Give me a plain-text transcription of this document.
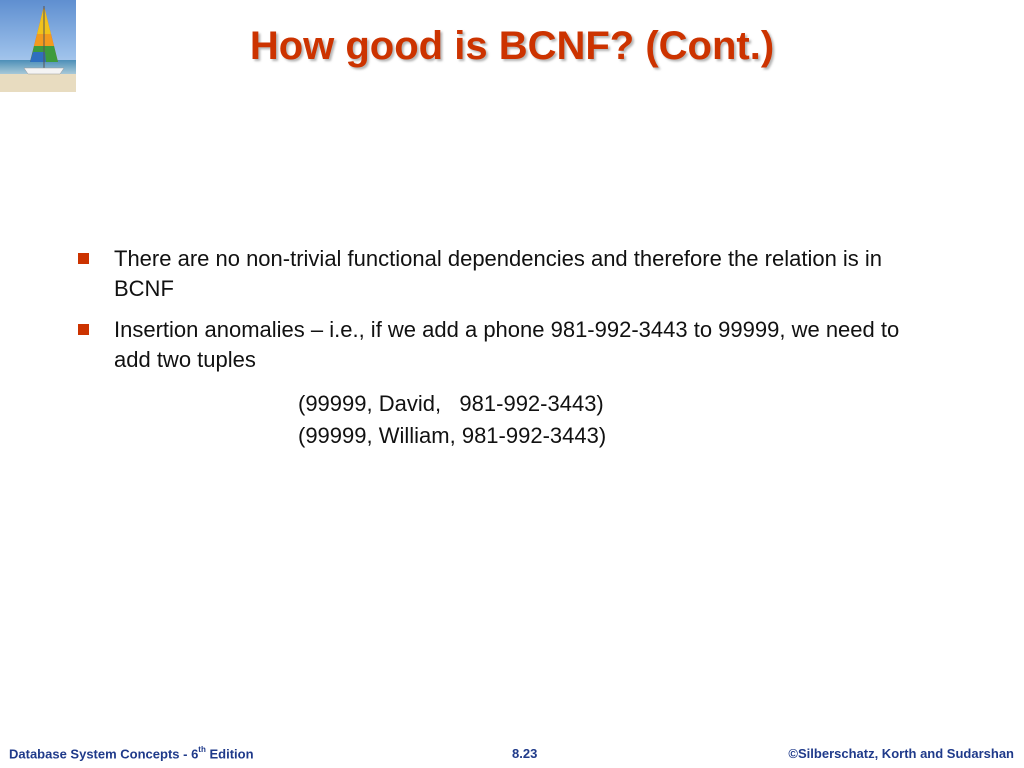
How good is BCNF? (Cont.)
There are no non-trivial functional dependencies and therefore the relation is in BCNF
Insertion anomalies – i.e., if we add a phone 981-992-3443 to 99999, we need to add two tuples
(99999, David,   981-992-3443)
(99999, William, 981-992-3443)
Database System Concepts - 6th Edition	8.23	©Silberschatz, Korth and Sudarshan
